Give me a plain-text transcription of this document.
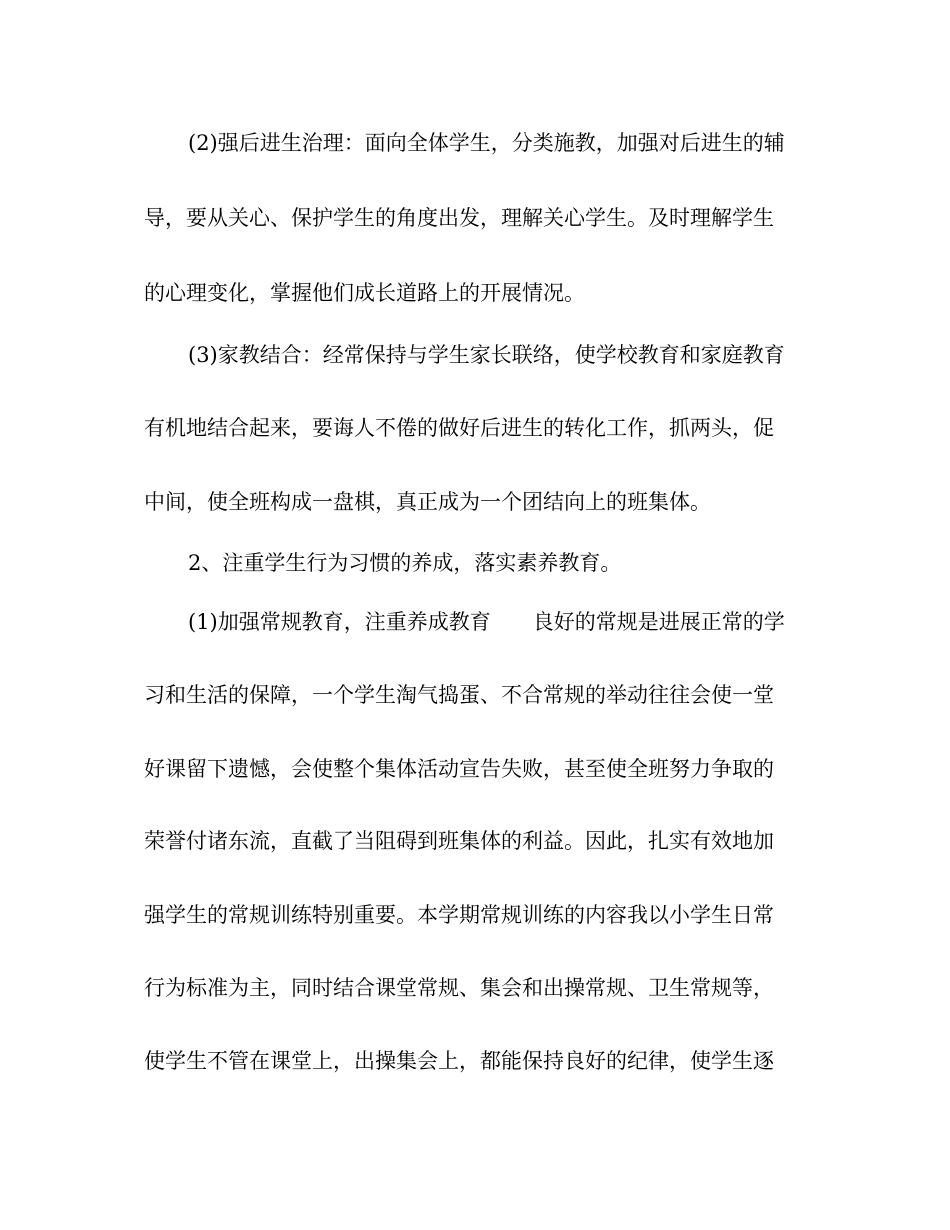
(2)强后进生治理：面向全体学生，分类施教，加强对后进生的辅
导，要从关心、保护学生的角度出发，理解关心学生。及时理解学生
的心理变化，掌握他们成长道路上的开展情况。
(3)家教结合：经常保持与学生家长联络，使学校教育和家庭教育
有机地结合起来，要诲人不倦的做好后进生的转化工作，抓两头，促
中间，使全班构成一盘棋，真正成为一个团结向上的班集体。
2、注重学生行为习惯的养成，落实素养教育。
(1)加强常规教育，注重养成教育　　良好的常规是进展正常的学
习和生活的保障，一个学生淘气捣蛋、不合常规的举动往往会使一堂
好课留下遗憾，会使整个集体活动宣告失败，甚至使全班努力争取的
荣誉付诸东流，直截了当阻碍到班集体的利益。因此，扎实有效地加
强学生的常规训练特别重要。本学期常规训练的内容我以小学生日常
行为标准为主，同时结合课堂常规、集会和出操常规、卫生常规等，
使学生不管在课堂上，出操集会上，都能保持良好的纪律，使学生逐
